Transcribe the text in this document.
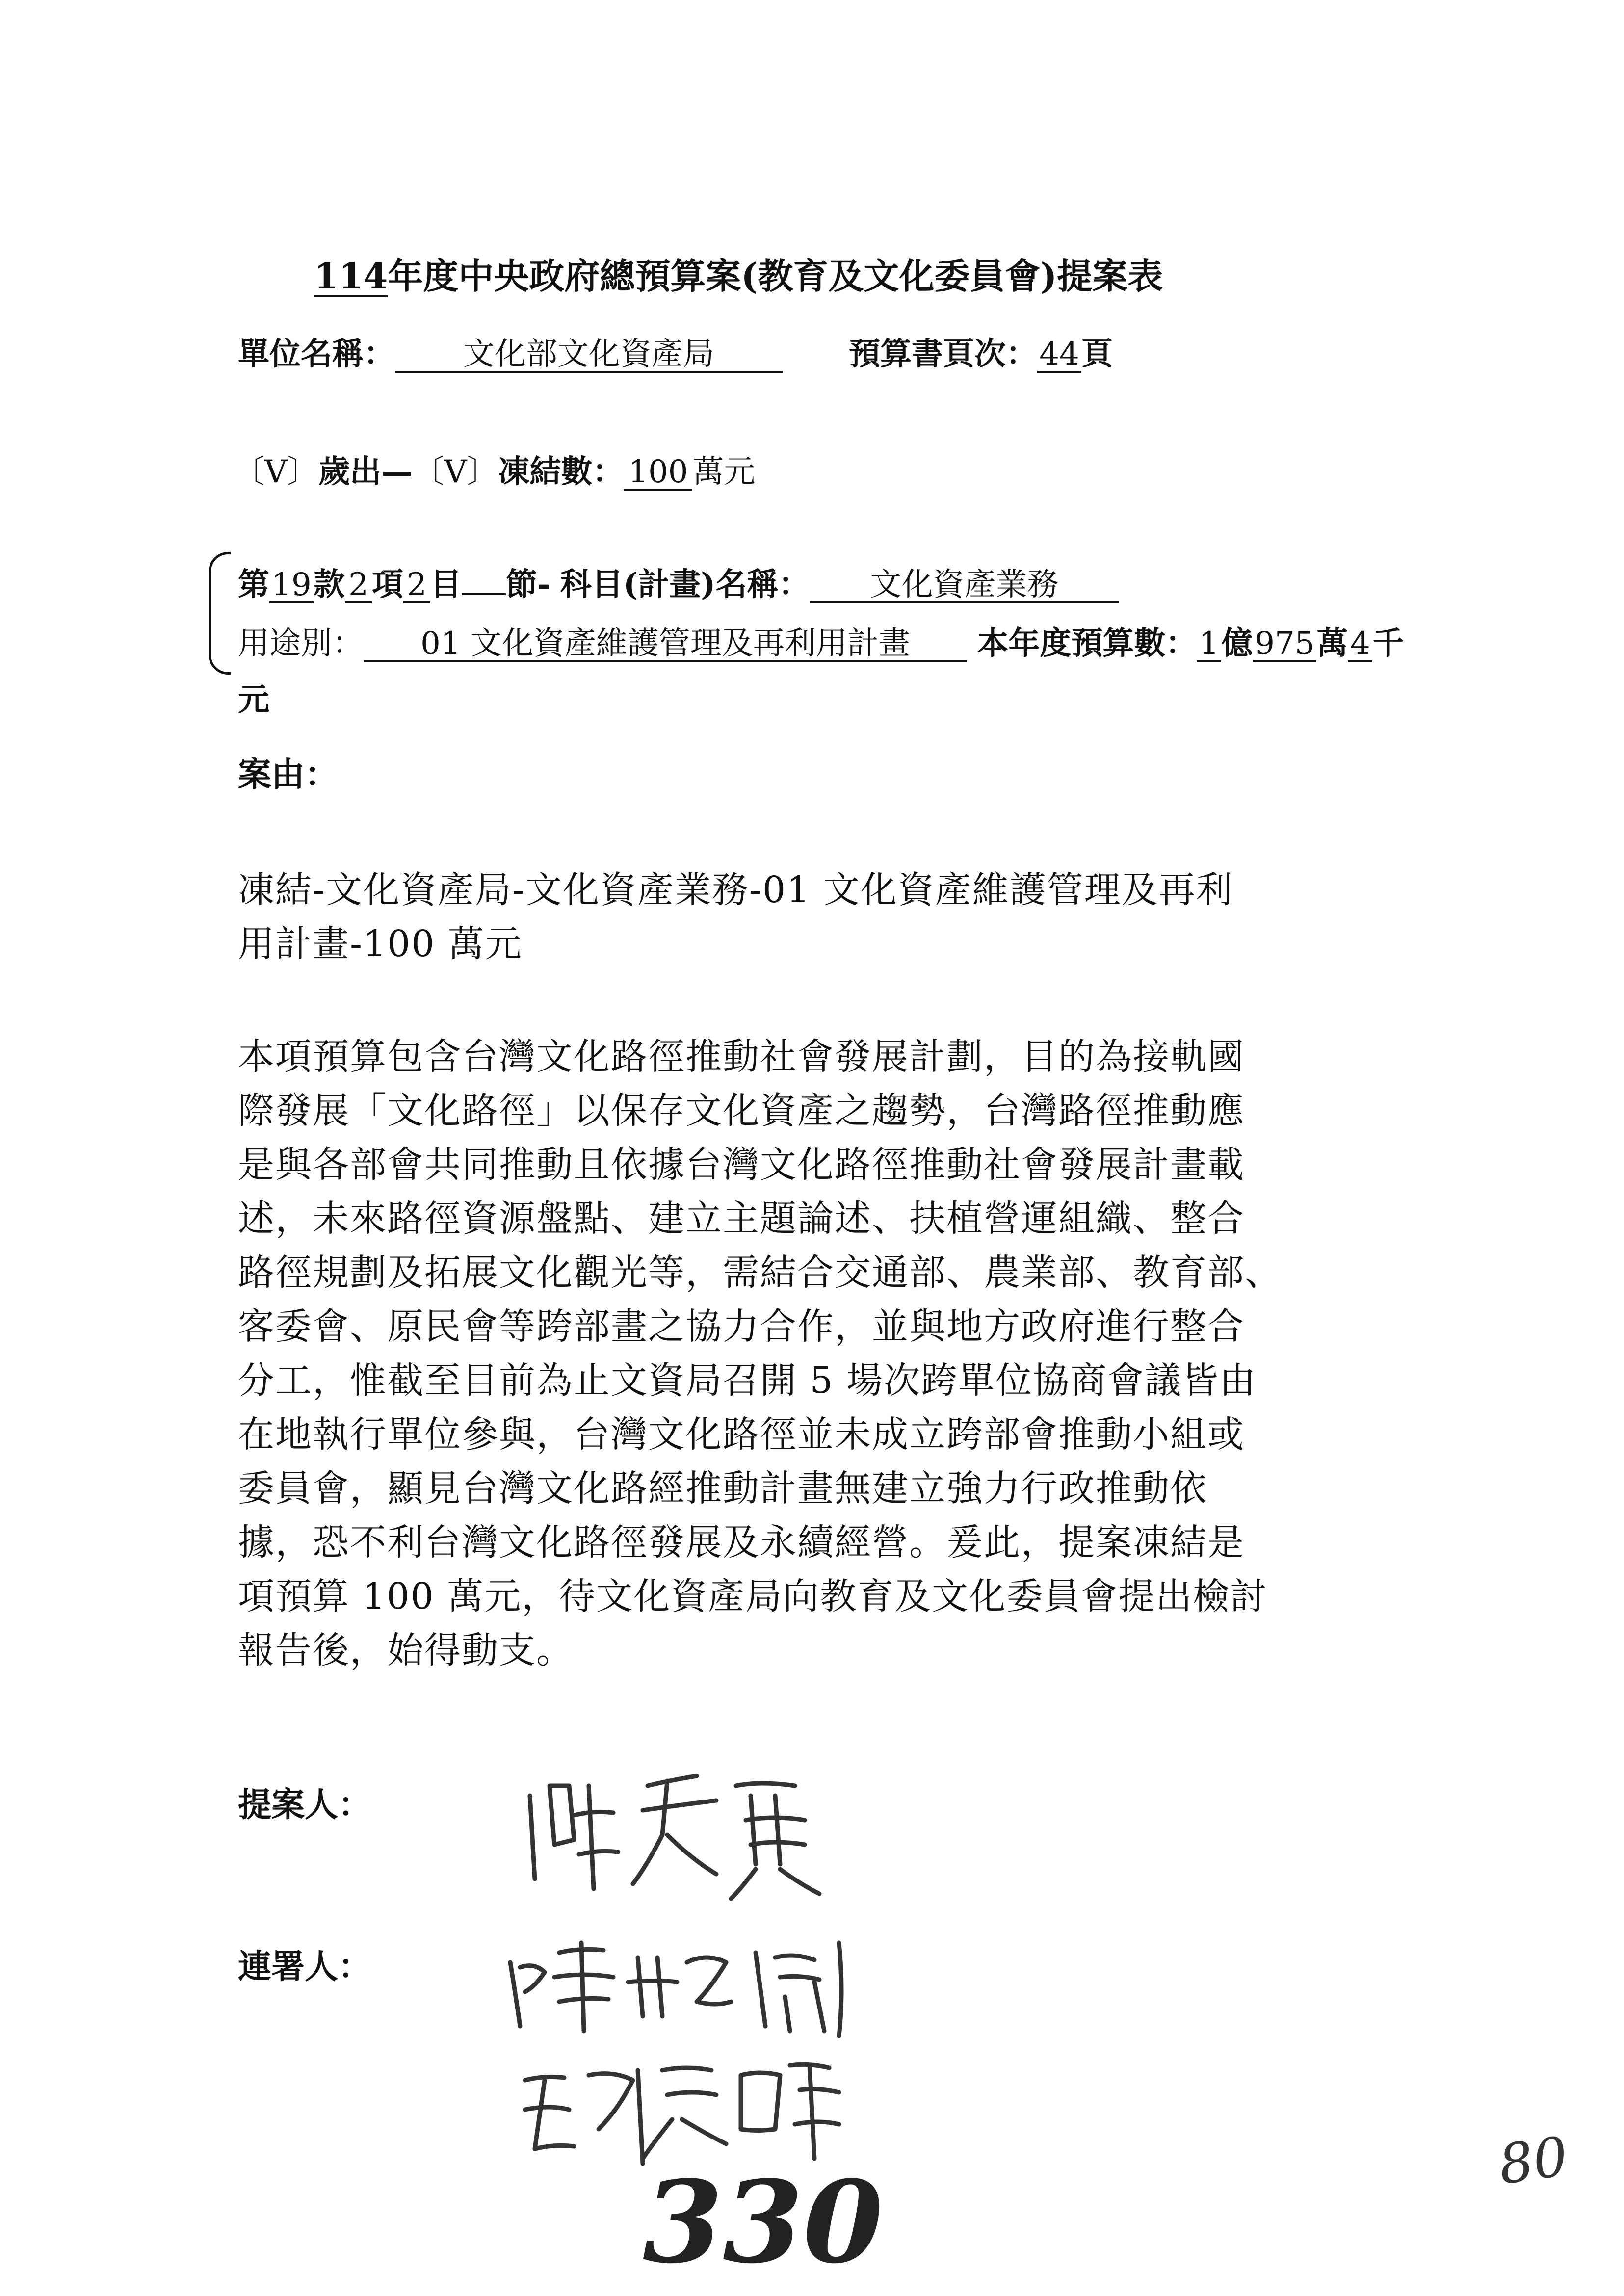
114年度中央政府總預算案(教育及文化委員會)提案表
單位名稱： 文化部文化資產局	預算書頁次：44頁
〔V〕歲出—〔V〕凍結數： 100 萬元
第19款 2 項 2 目 節- 科目(計畫)名稱： 文化資產業務
用途別： 01 文化資產維護管理及再利用計畫 本年度預算數：1億975萬4千
元
案由：
凍結-文化資產局-文化資產業務-01 文化資產維護管理及再利
用計畫-100 萬元
本項預算包含台灣文化路徑推動社會發展計劃，目的為接軌國
際發展「文化路徑」以保存文化資產之趨勢，台灣路徑推動應
是與各部會共同推動且依據台灣文化路徑推動社會發展計畫載
述，未來路徑資源盤點、建立主題論述、扶植營運組織、整合
路徑規劃及拓展文化觀光等，需結合交通部、農業部、教育部、
客委會、原民會等跨部畫之協力合作，並與地方政府進行整合
分工，惟截至目前為止文資局召開 5 場次跨單位協商會議皆由
在地執行單位參與，台灣文化路徑並未成立跨部會推動小組或
委員會，顯見台灣文化路經推動計畫無建立強力行政推動依
據，恐不利台灣文化路徑發展及永續經營。爰此，提案凍結是
項預算 100 萬元，待文化資產局向教育及文化委員會提出檢討
報告後，始得動支。
提案人：
連署人：
330	80
